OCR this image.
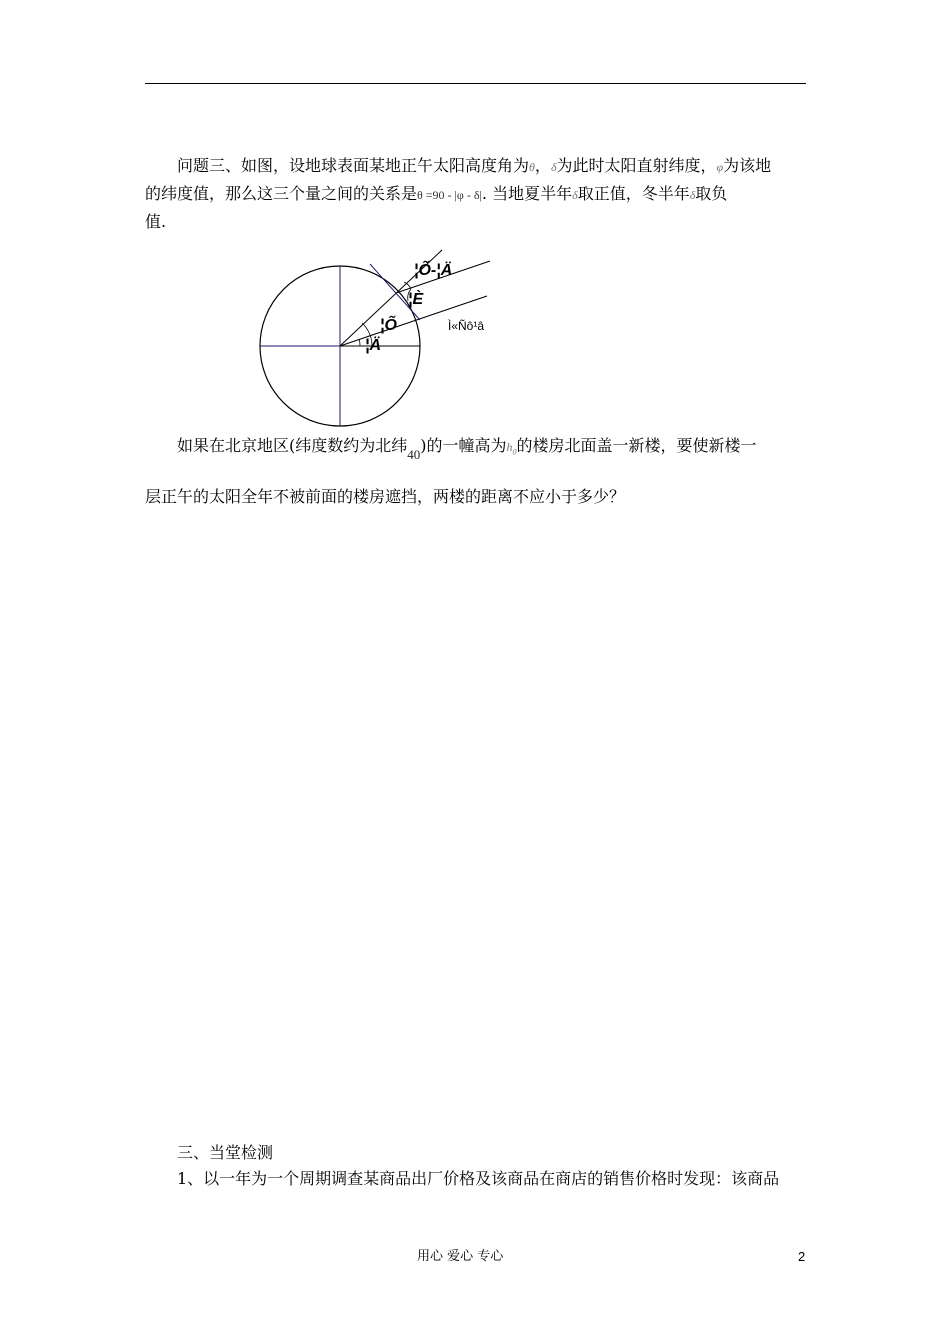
问题三、如图，设地球表面某地正午太阳高度角为θ，δ为此时太阳直射纬度，φ为该地
的纬度值，那么这三个量之间的关系是θ =90 - |φ - δ|. 当地夏半年δ取正值，冬半年δ取负
值.
¦Õ-¦Ä
¦È
¦Õ
¦Ä
Ì«Ñô¹â
如果在北京地区(纬度数约为北纬$_{40}$)的一幢高为$h_0$的楼房北面盖一新楼，要使新楼一
层正午的太阳全年不被前面的楼房遮挡，两楼的距离不应小于多少？
三、当堂检测
1、以一年为一个周期调查某商品出厂价格及该商品在商店的销售价格时发现：该商品
用心 爱心 专心	2
